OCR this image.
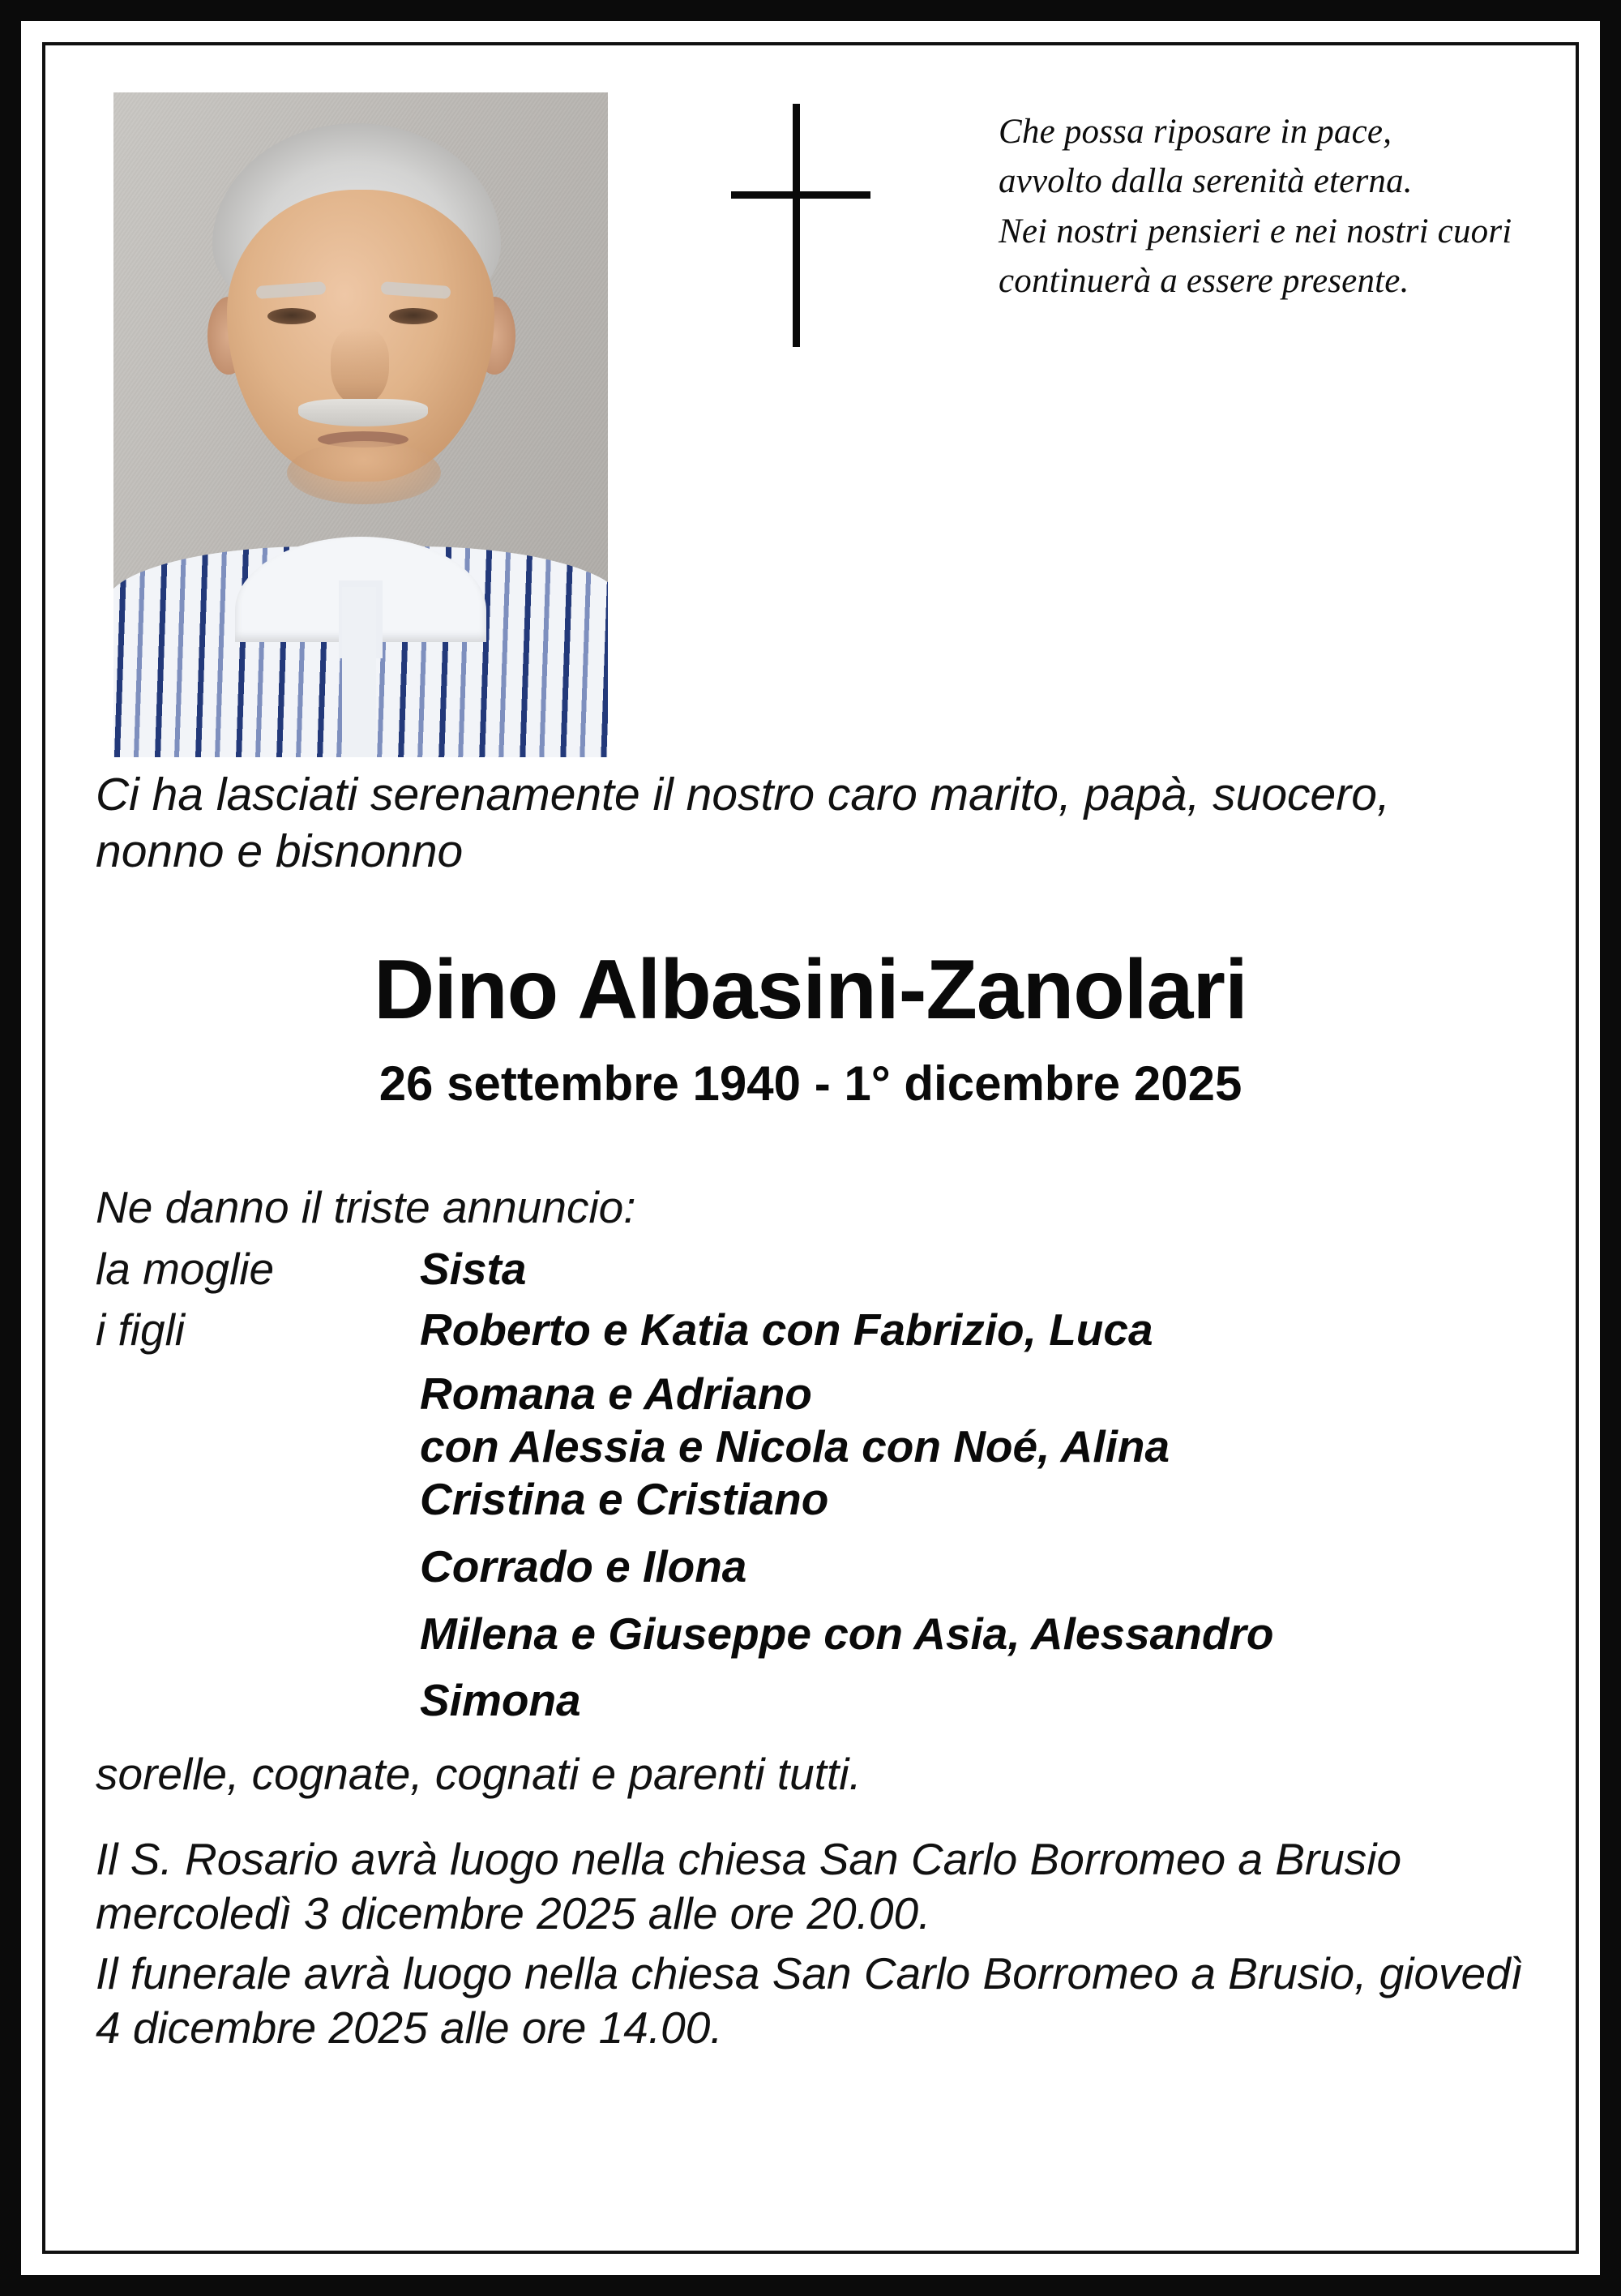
Che possa riposare in pace,
avvolto dalla serenità eterna.
Nei nostri pensieri e nei nostri cuori
continuerà a essere presente.
Ci ha lasciati serenamente il nostro caro marito, papà, suocero, nonno e bisnonno
Dino Albasini-Zanolari
26 settembre 1940 - 1° dicembre 2025
Ne danno il triste annuncio:
la moglie	Sista
i figli	Roberto e Katia con Fabrizio, Luca
Romana e Adriano
con Alessia e Nicola con Noé, Alina
Cristina e Cristiano
Corrado e Ilona
Milena e Giuseppe con Asia, Alessandro
Simona
sorelle, cognate, cognati e parenti tutti.

Il S. Rosario avrà luogo nella chiesa San Carlo Borromeo a Brusio mercoledì 3 dicembre 2025 alle ore 20.00.

Il funerale avrà luogo nella chiesa San Carlo Borromeo a Brusio, giovedì 4 dicembre 2025 alle ore 14.00.
